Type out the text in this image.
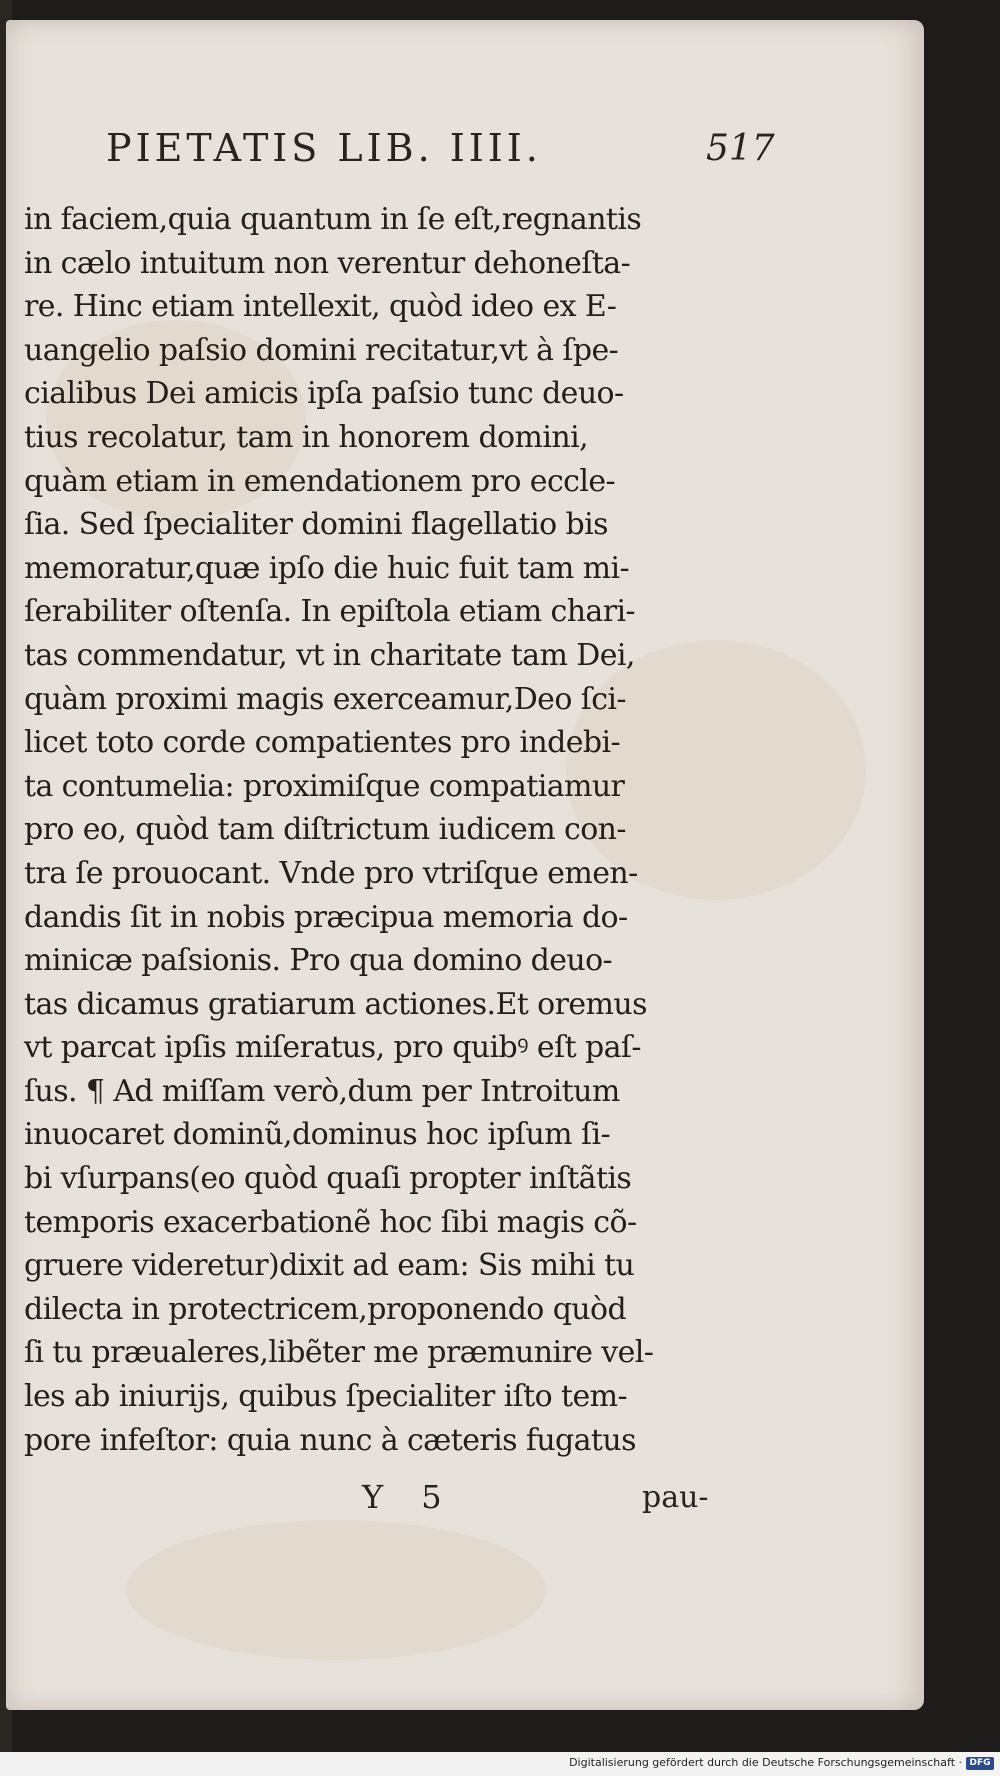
PIETATIS LIB. IIII.	517
in faciem,quia quantum in ſe eſt,regnantis
in cælo intuitum non verentur dehoneſta-
re. Hinc etiam intellexit, quòd ideo ex E-
uangelio paſsio domini recitatur,vt à ſpe-
cialibus Dei amicis ipſa paſsio tunc deuo-
tius recolatur, tam in honorem domini,
quàm etiam in emendationem pro eccle-
ſia. Sed ſpecialiter domini flagellatio bis
memoratur,quæ ipſo die huic fuit tam mi-
ſerabiliter oſtenſa. In epiſtola etiam chari-
tas commendatur, vt in charitate tam Dei,
quàm proximi magis exerceamur,Deo ſci-
licet toto corde compatientes pro indebi-
ta contumelia: proximiſque compatiamur
pro eo, quòd tam diſtrictum iudicem con-
tra ſe prouocant. Vnde pro vtriſque emen-
dandis ſit in nobis præcipua memoria do-
minicæ paſsionis. Pro qua domino deuo-
tas dicamus gratiarum actiones.Et oremus
vt parcat ipſis miſeratus, pro quibꝰ eſt paſ-
ſus. ¶ Ad miſſam verò,dum per Introitum
inuocaret dominũ,dominus hoc ipſum ſi-
bi vſurpans(eo quòd quaſi propter inſtãtis
temporis exacerbationẽ hoc ſibi magis cõ-
gruere videretur)dixit ad eam: Sis mihi tu
dilecta in protectricem,proponendo quòd
ſi tu præualeres,libẽter me præmunire vel-
les ab iniurijs, quibus ſpecialiter iſto tem-
pore infeſtor: quia nunc à cæteris fugatus
Y 5	pau-
Digitalisierung gefördert durch die Deutsche Forschungsgemeinschaft · DFG
